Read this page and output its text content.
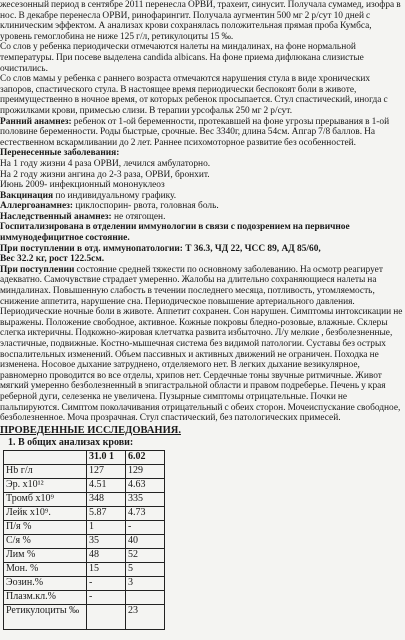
жесезонный период в сентябре 2011 перенесла ОРВИ, трахеит, синусит. Получала сумамед, изофра в нос. В декабре перенесла ОРВИ, ринофарингит. Получала аугментин 500 мг 2 р/сут 10 дней с клиническим эффектом. А анализах крови сохранялась положительная прямая проба Кумбса, уровень гемоглобина не ниже 125 г/л, ретикулоциты 15 ‰.

Со слов у ребенка периодически отмечаются налеты на миндалинах, на фоне нормальной температуры. При посеве выделена candida albicans. На фоне приема дифлюкана слизистые очистились.

Со слов мамы у ребенка с раннего возраста отмечаются нарушения стула в виде хронических запоров, спастического стула. В настоящее время периодически беспокоят боли в животе, преимущественно в ночное время, от которых ребенок просыпается. Стул спастический, иногда с прожилками крови, примесью слизи. В терапии урсофальк 250 мг 2 р/сут.

Ранний анамнез: ребенок от 1-ой беременности, протекавшей на фоне угрозы прерывания в 1-ой половине беременности. Роды быстрые, срочные. Вес 3340г, длина 54см. Апгар 7/8 баллов. На естественном вскармливании до 2 лет. Раннее психомоторное развитие без особенностей.

Перенесенные заболевания:

На 1 году жизни 4 раза ОРВИ, лечился амбулаторно.

На 2 году жизни ангина до 2-3 раза, ОРВИ, бронхит.

Июнь 2009- инфекционный мононуклеоз

Вакцинация по индивидуальному графику.

Аллергоанамнез: циклоспорин- рвота, головная боль.

Наследственный анамнез: не отягощен.

Госпитализирована в отделении иммунологии в связи с подозрением на первичное иммунодефицитное состояние.

При поступлении в отд. иммунопатологии: Т 36.3, ЧД 22, ЧСС 89, АД 85/60,

Вес 32.2 кг, рост 122.5см.

При поступлении состояние средней тяжести по основному заболеванию. На осмотр реагирует адекватно. Самочувствие страдает умеренно. Жалобы на длительно сохраняющиеся налеты на миндалинах. Повышенную слабость в течении последнего месяца, потливость, утомляемость, снижение аппетита, нарушение сна. Периодическое повышение артериального давления. Периодические ночные боли в животе. Аппетит сохранен. Сон нарушен. Симптомы интоксикации не выражены. Положение свободное, активное. Кожные покровы бледно-розовые, влажные. Склеры слегка иктеричны. Подкожно-жировая клетчатка развита избыточно. Л/у мелкие , безболезненные, эластичные, подвижные. Костно-мышечная система без видимой патологии. Суставы без острых воспалительных изменений. Объем пассивных и активных движений не ограничен. Походка не изменена. Носовое дыхание затруднено, отделяемого нет. В легких дыхание везикулярное, равномерно проводится во все отделы, хрипов нет. Сердечные тоны звучные ритмичные. Живот мягкий умеренно безболезненный в эпигастральной области и правом подреберье. Печень у края реберной дуги, селезенка не увеличена. Пузырные симптомы отрицательные. Почки не пальпируются. Симптом поколачивания отрицательный с обеих сторон. Мочеиспускание свободное, безболезненное. Моча прозрачная. Стул спастический, без патологических примесей.

ПРОВЕДЕННЫЕ ИССЛЕДОВАНИЯ.

1. В общих анализах крови:

	31.0 1	6.02
Hb г/л	127	129
Эр. х10¹²	4.51	4.63
Тромб х10⁹	348	335
Лейк х10⁹.	5.87	4.73
П/я %	1	-
С/я %	35	40
Лим %	48	52
Мон. %	15	5
Эозин.%	-	3
Плазм.кл.%	-	
Ретикулоциты ‰		23
